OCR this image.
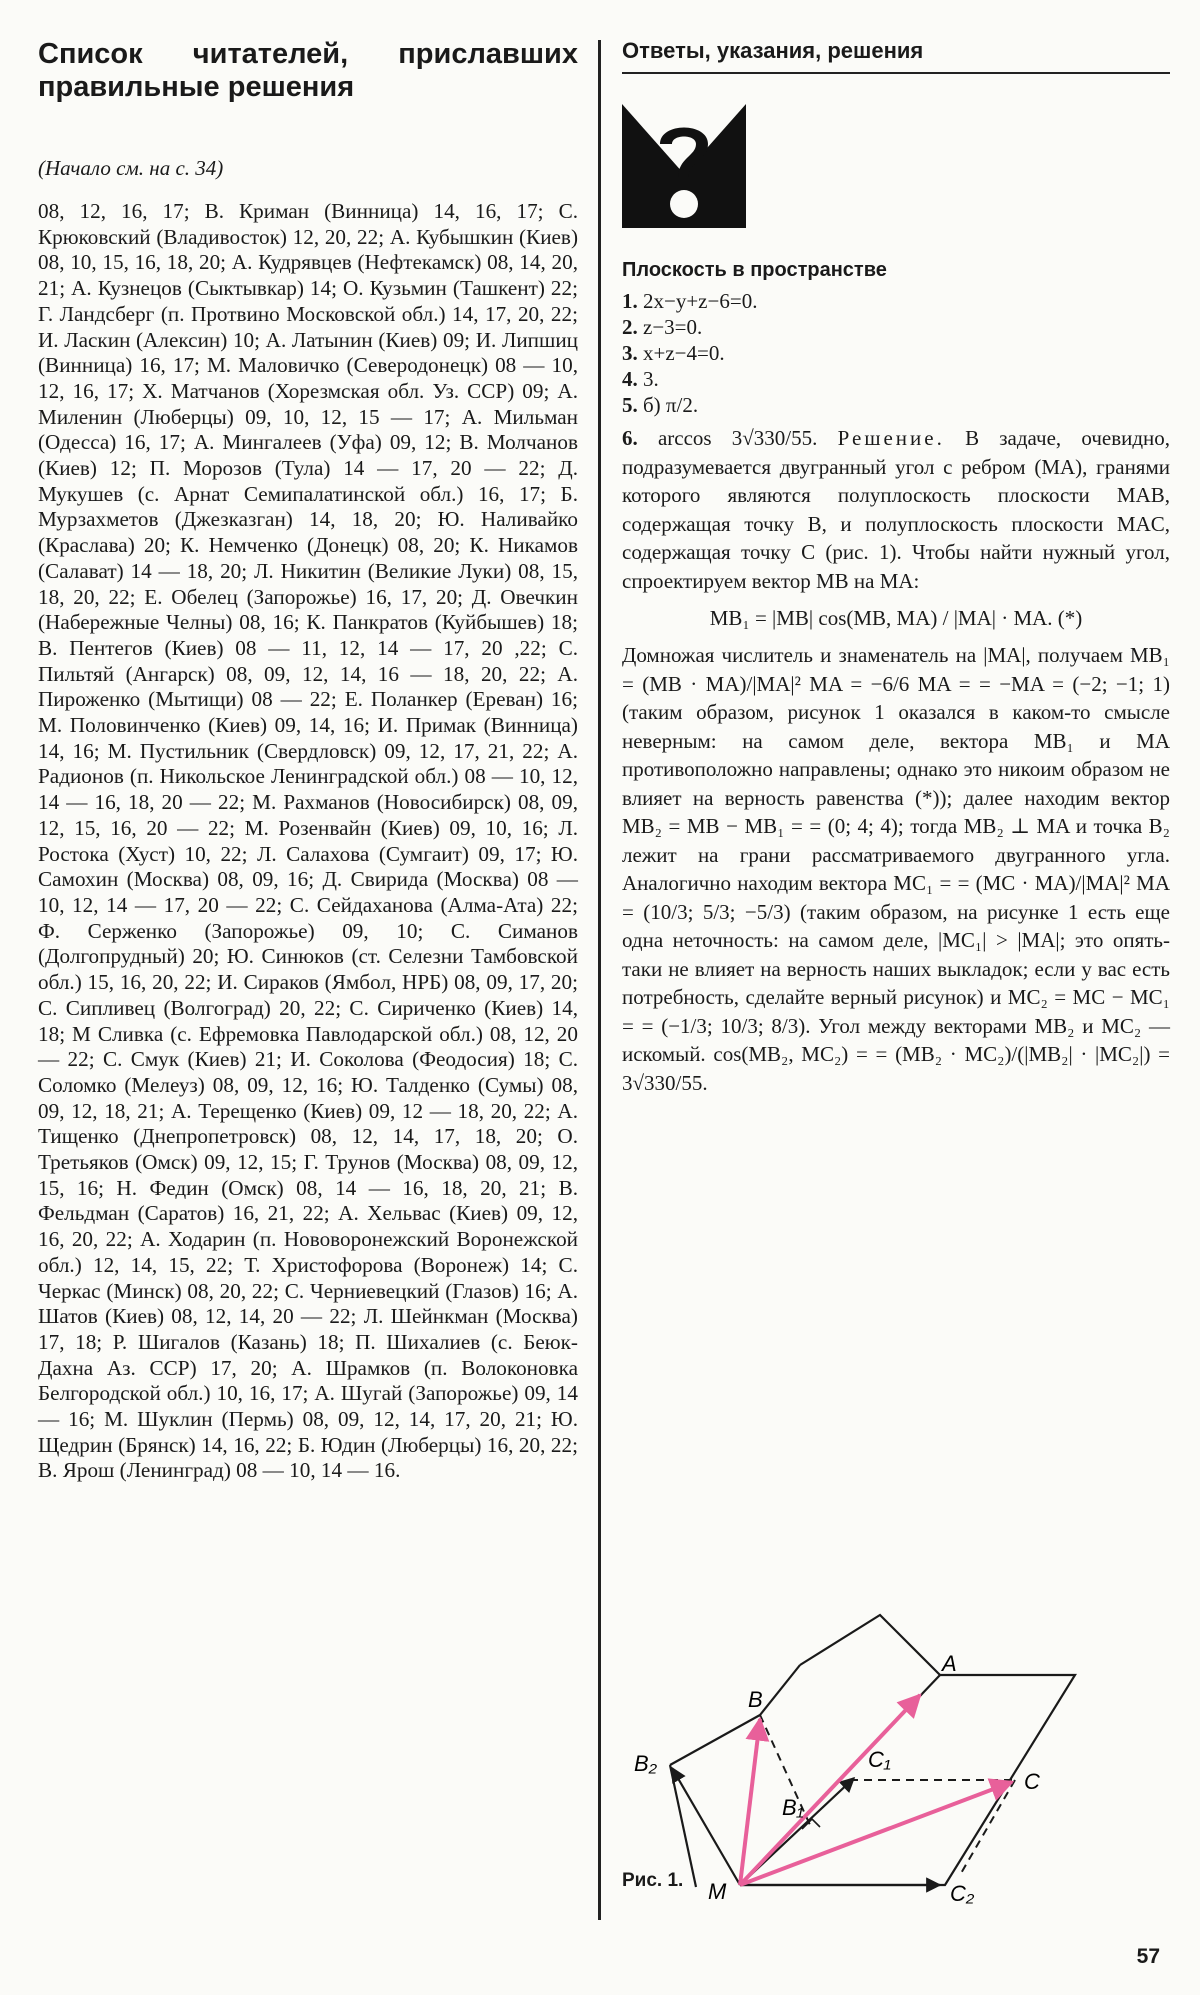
Список читателей, приславших правильные решения
(Начало см. на с. 34)
08, 12, 16, 17; В. Криман (Винница) 14, 16, 17; С. Крюковский (Владивосток) 12, 20, 22; А. Кубышкин (Киев) 08, 10, 15, 16, 18, 20; А. Кудрявцев (Нефтекамск) 08, 14, 20, 21; А. Кузнецов (Сыктывкар) 14; О. Кузьмин (Ташкент) 22; Г. Ландсберг (п. Протвино Московской обл.) 14, 17, 20, 22; И. Ласкин (Алексин) 10; А. Латынин (Киев) 09; И. Липшиц (Винница) 16, 17; М. Маловичко (Северодонецк) 08 — 10, 12, 16, 17; Х. Матчанов (Хорезмская обл. Уз. ССР) 09; А. Миленин (Люберцы) 09, 10, 12, 15 — 17; А. Мильман (Одесса) 16, 17; А. Мингалеев (Уфа) 09, 12; В. Молчанов (Киев) 12; П. Морозов (Тула) 14 — 17, 20 — 22; Д. Мукушев (с. Арнат Семипалатинской обл.) 16, 17; Б. Мурзахметов (Джезказган) 14, 18, 20; Ю. Наливайко (Краслава) 20; К. Немченко (Донецк) 08, 20; К. Никамов (Салават) 14 — 18, 20; Л. Никитин (Великие Луки) 08, 15, 18, 20, 22; Е. Обелец (Запорожье) 16, 17, 20; Д. Овечкин (Набережные Челны) 08, 16; К. Панкратов (Куйбышев) 18; В. Пентегов (Киев) 08 — 11, 12, 14 — 17, 20 ,22; С. Пильтяй (Ангарск) 08, 09, 12, 14, 16 — 18, 20, 22; А. Пироженко (Мытищи) 08 — 22; Е. Поланкер (Ереван) 16; М. Половинченко (Киев) 09, 14, 16; И. Примак (Винница) 14, 16; М. Пустильник (Свердловск) 09, 12, 17, 21, 22; А. Радионов (п. Никольское Ленинградской обл.) 08 — 10, 12, 14 — 16, 18, 20 — 22; М. Рахманов (Новосибирск) 08, 09, 12, 15, 16, 20 — 22; М. Розенвайн (Киев) 09, 10, 16; Л. Ростока (Хуст) 10, 22; Л. Салахова (Сумгаит) 09, 17; Ю. Самохин (Москва) 08, 09, 16; Д. Свирида (Москва) 08 — 10, 12, 14 — 17, 20 — 22; С. Сейдаханова (Алма-Ата) 22; Ф. Серженко (Запорожье) 09, 10; С. Симанов (Долгопрудный) 20; Ю. Синюков (ст. Селезни Тамбовской обл.) 15, 16, 20, 22; И. Сираков (Ямбол, НРБ) 08, 09, 17, 20; С. Сипливец (Волгоград) 20, 22; С. Сириченко (Киев) 14, 18; М Сливка (с. Ефремовка Павлодарской обл.) 08, 12, 20 — 22; С. Смук (Киев) 21; И. Соколова (Феодосия) 18; С. Соломко (Мелеуз) 08, 09, 12, 16; Ю. Талденко (Сумы) 08, 09, 12, 18, 21; А. Терещенко (Киев) 09, 12 — 18, 20, 22; А. Тищенко (Днепропетровск) 08, 12, 14, 17, 18, 20; О. Третьяков (Омск) 09, 12, 15; Г. Трунов (Москва) 08, 09, 12, 15, 16; Н. Федин (Омск) 08, 14 — 16, 18, 20, 21; В. Фельдман (Саратов) 16, 21, 22; А. Хельвас (Киев) 09, 12, 16, 20, 22; А. Ходарин (п. Нововоронежский Воронежской обл.) 12, 14, 15, 22; Т. Христофорова (Воронеж) 14; С. Черкас (Минск) 08, 20, 22; С. Черниевецкий (Глазов) 16; А. Шатов (Киев) 08, 12, 14, 20 — 22; Л. Шейнкман (Москва) 17, 18; Р. Шигалов (Казань) 18; П. Шихалиев (с. Беюк-Дахна Аз. ССР) 17, 20; А. Шрамков (п. Волоконовка Белгородской обл.) 10, 16, 17; А. Шугай (Запорожье) 09, 14 — 16; М. Шуклин (Пермь) 08, 09, 12, 14, 17, 20, 21; Ю. Щедрин (Брянск) 14, 16, 22; Б. Юдин (Люберцы) 16, 20, 22; В. Ярош (Ленинград) 08 — 10, 14 — 16.
Ответы, указания, решения
Плоскость в пространстве
1. 2x−y+z−6=0.
2. z−3=0.
3. x+z−4=0.
4. 3.
5. б) π/2.
6. arccos 3√330/55. Решение. В задаче, очевидно, подразумевается двугранный угол с ребром (MA), гранями которого являются полуплоскость плоскости MAB, содержащая точку B, и полуплоскость плоскости MAC, содержащая точку C (рис. 1). Чтобы найти нужный угол, спроектируем вектор MB на MA:
MB₁ = |MB| cos(MB, MA) / |MA| · MA. (*)
Домножая числитель и знаменатель на |MA|, получаем MB₁ = (MB · MA)/|MA|² MA = −6/6 MA = = −MA = (−2; −1; 1) (таким образом, рисунок 1 оказался в каком-то смысле неверным: на самом деле, вектора MB₁ и MA противоположно направлены; однако это никоим образом не влияет на верность равенства (*)); далее находим вектор MB₂ = MB − MB₁ = = (0; 4; 4); тогда MB₂ ⊥ MA и точка B₂ лежит на грани рассматриваемого двугранного угла. Аналогично находим вектора MC₁ = = (MC · MA)/|MA|² MA = (10/3; 5/3; −5/3) (таким образом, на рисунке 1 есть еще одна неточность: на самом деле, |MC₁| > |MA|; это опять-таки не влияет на верность наших выкладок; если у вас есть потребность, сделайте верный рисунок) и MC₂ = MC − MC₁ = = (−1/3; 10/3; 8/3). Угол между векторами MB₂ и MC₂ — искомый. cos(MB₂, MC₂) = = (MB₂ · MC₂)/(|MB₂| · |MC₂|) = 3√330/55.
B
B₂
A
C₁
B₁
C
M	C₂
Рис. 1.
57
